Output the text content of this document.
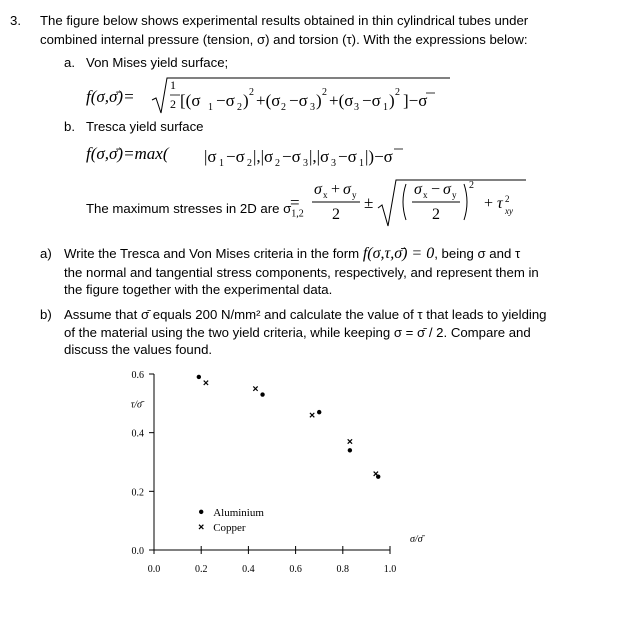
3. The figure below shows experimental results obtained in thin cylindrical tubes under
combined internal pressure (tension, σ) and torsion (τ). With the expressions below:
a. Von Mises yield surface;
f(σ,σ̄)=	[(σ 1 −σ 2 ) 2 +(σ 2 −σ 3 ) 2 +(σ 3 −σ 1 ) 2 ]−σ
1
2
b. Tresca yield surface
f(σ,σ̄)=max( |σ 1 −σ 2 |,|σ 2 −σ 3 |,|σ 3 −σ 1 |)−σ
The maximum stresses in 2D are $\sigma_{1,2}$
=
σ x + σ y
2
±
σ x − σ y
2
2
+ τ 2
xy
a) Write the Tresca and Von Mises criteria in the form f(σ,τ,σ̄) = 0, being σ and τ
the normal and tangential stress components, respectively, and represent them in
the figure together with the experimental data.
b) Assume that σ̄ equals 200 N/mm² and calculate the value of τ that leads to yielding
of the material using the two yield criteria, while keeping σ = σ̄ / 2. Compare and
discuss the values found.
0.0	0.2	0.4	0.6	0.8	1.0
0.0
0.2
0.4
0.6
τ/σ̄
σ/σ̄
Aluminium
Copper
